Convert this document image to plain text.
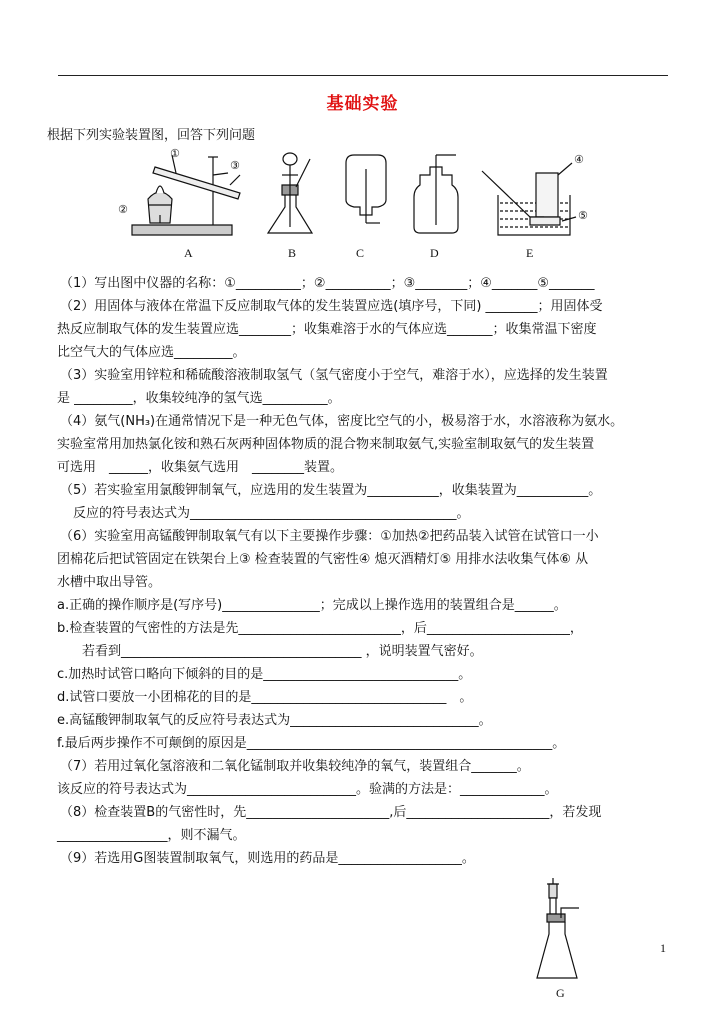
基础实验
根据下列实验装置图，回答下列问题
①
②
③	④
⑤
A	B	C	D	E
（1）写出图中仪器的名称：①__________；②__________；③________；④_______⑤_______
（2）用固体与液体在常温下反应制取气体的发生装置应选(填序号，下同) ________；用固体受
热反应制取气体的发生装置应选________；收集难溶于水的气体应选_______；收集常温下密度
比空气大的气体应选_________。
（3）实验室用锌粒和稀硫酸溶液制取氢气（氢气密度小于空气，难溶于水），应选择的发生装置
是 _________，收集较纯净的氢气选__________。
（4）氨气(NH₃)在通常情况下是一种无色气体，密度比空气的小，极易溶于水，水溶液称为氨水。
实验室常用加热氯化铵和熟石灰两种固体物质的混合物来制取氨气,实验室制取氨气的发生装置
可选用　______，收集氨气选用　________装置。
（5）若实验室用氯酸钾制氧气，应选用的发生装置为___________，收集装置为___________。
反应的符号表达式为_________________________________________。
（6）实验室用高锰酸钾制取氧气有以下主要操作步骤：①加热②把药品装入试管在试管口一小
团棉花后把试管固定在铁架台上③ 检查装置的气密性④ 熄灭酒精灯⑤ 用排水法收集气体⑥ 从
水槽中取出导管。
a.正确的操作顺序是(写序号)_______________；完成以上操作选用的装置组合是______。
b.检查装置的气密性的方法是先_________________________，后______________________，
若看到_____________________________________ ，说明装置气密好。
c.加热时试管口略向下倾斜的目的是______________________________。
d.试管口要放一小团棉花的目的是______________________________　。
e.高锰酸钾制取氧气的反应符号表达式为_____________________________。
f.最后两步操作不可颠倒的原因是_______________________________________________。
（7）若用过氧化氢溶液和二氧化锰制取并收集较纯净的氧气，装置组合_______。
该反应的符号表达式为__________________________。验满的方法是：_____________。
（8）检查装置B的气密性时，先______________________,后______________________，若发现
_________________，则不漏气。
（9）若选用G图装置制取氧气，则选用的药品是___________________。
G
1
